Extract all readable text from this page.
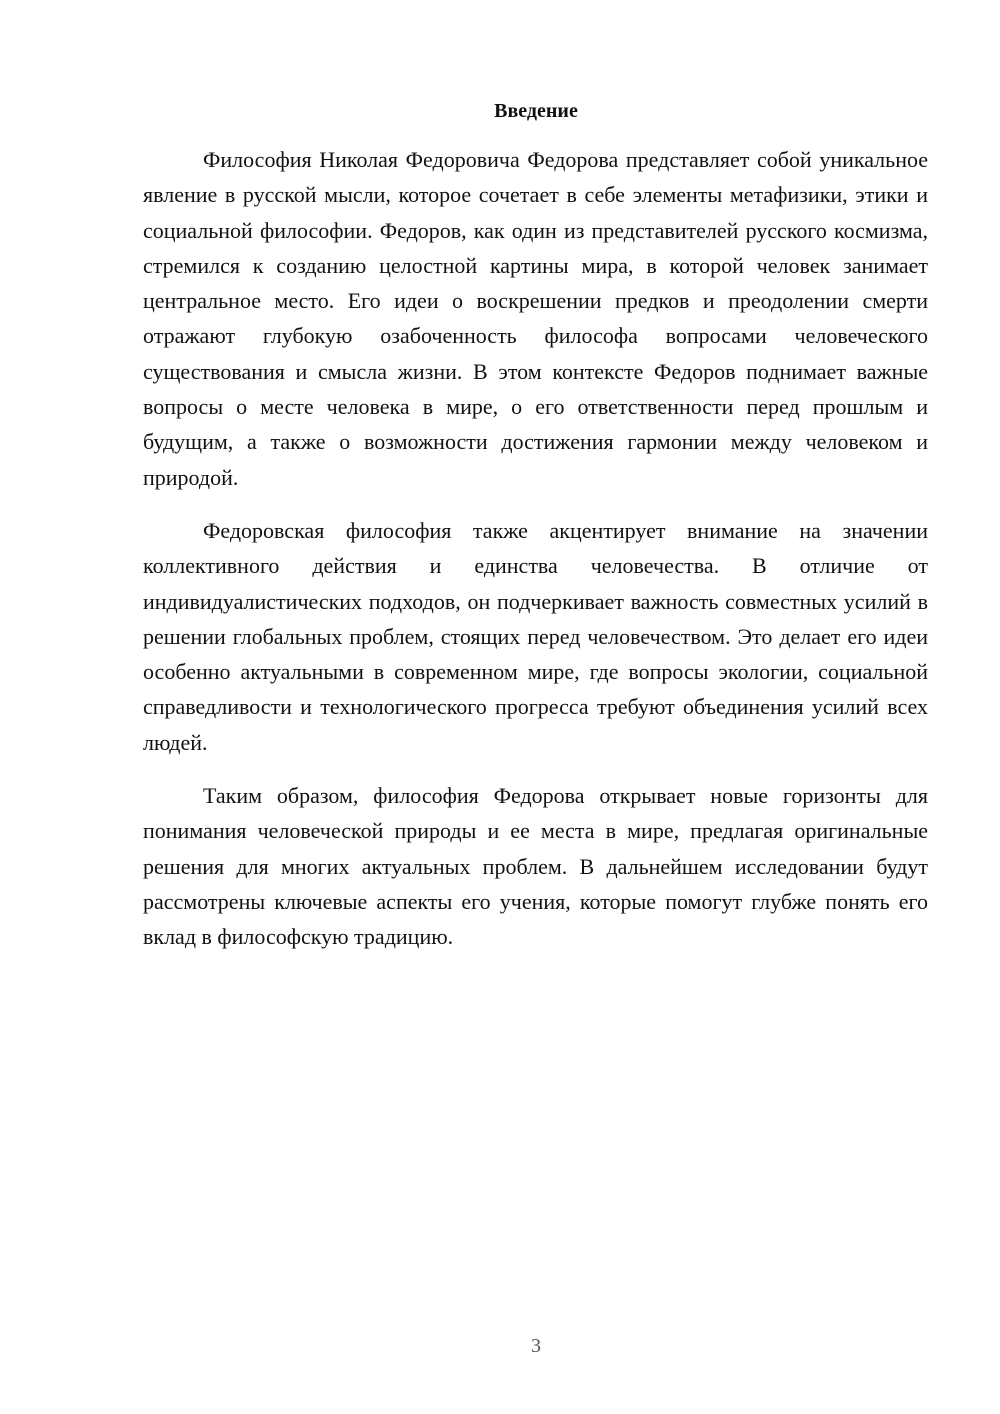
Введение

Философия Николая Федоровича Федорова представляет собой уникальное явление в русской мысли, которое сочетает в себе элементы метафизики, этики и социальной философии. Федоров, как один из представителей русского космизма, стремился к созданию целостной картины мира, в которой человек занимает центральное место. Его идеи о воскрешении предков и преодолении смерти отражают глубокую озабоченность философа вопросами человеческого существования и смысла жизни. В этом контексте Федоров поднимает важные вопросы о месте человека в мире, о его ответственности перед прошлым и будущим, а также о возможности достижения гармонии между человеком и природой.

Федоровская философия также акцентирует внимание на значении коллективного действия и единства человечества. В отличие от индивидуалистических подходов, он подчеркивает важность совместных усилий в решении глобальных проблем, стоящих перед человечеством. Это делает его идеи особенно актуальными в современном мире, где вопросы экологии, социальной справедливости и технологического прогресса требуют объединения усилий всех людей.

Таким образом, философия Федорова открывает новые горизонты для понимания человеческой природы и ее места в мире, предлагая оригинальные решения для многих актуальных проблем. В дальнейшем исследовании будут рассмотрены ключевые аспекты его учения, которые помогут глубже понять его вклад в философскую традицию.

3
